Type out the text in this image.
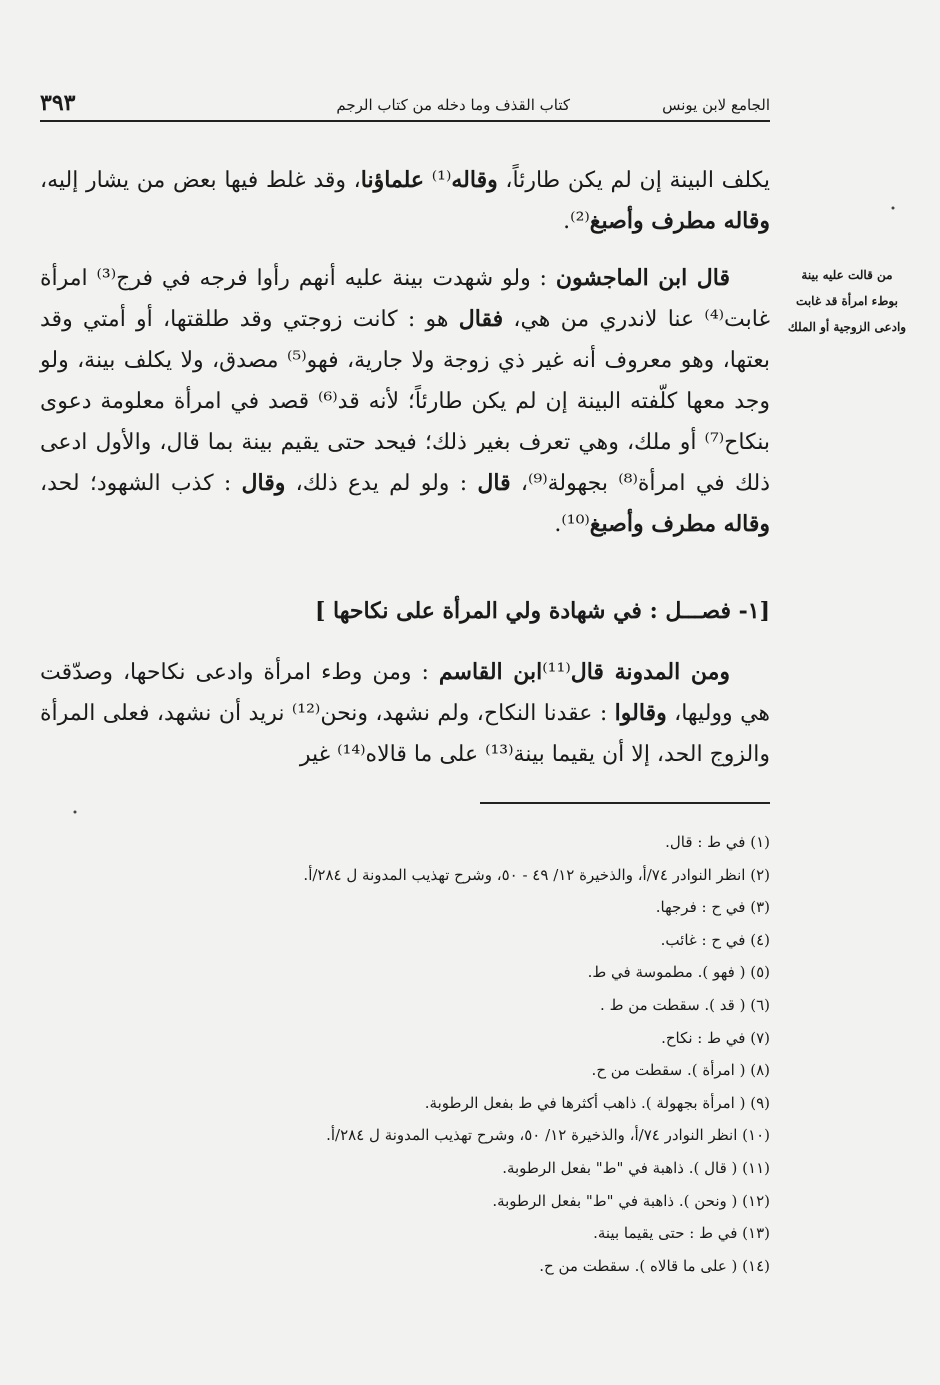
الجامع لابن يونس
كتاب القذف وما دخله من كتاب الرجم
٣٩٣
يكلف البينة إن لم يكن طارئاً، وقاله⁽¹⁾ علماؤنا، وقد غلط فيها بعض من يشار إليه، وقاله مطرف وأصبغ⁽²⁾.
من قالت عليه بينة
بوطء امرأة قد غابت
وادعى الزوجية أو الملك
قال ابن الماجشون : ولو شهدت بينة عليه أنهم رأوا فرجه في فرج⁽³⁾ امرأة غابت⁽⁴⁾ عنا لاندري من هي، فقال هو : كانت زوجتي وقد طلقتها، أو أمتي وقد بعتها، وهو معروف أنه غير ذي زوجة ولا جارية، فهو⁽⁵⁾ مصدق، ولا يكلف بينة، ولو وجد معها كلّفته البينة إن لم يكن طارئاً؛ لأنه قد⁽⁶⁾ قصد في امرأة معلومة دعوى بنكاح⁽⁷⁾ أو ملك، وهي تعرف بغير ذلك؛ فيحد حتى يقيم بينة بما قال، والأول ادعى ذلك في امرأة⁽⁸⁾ بجهولة⁽⁹⁾، قال : ولو لم يدع ذلك، وقال : كذب الشهود؛ لحد، وقاله مطرف وأصبغ⁽¹⁰⁾.
[١- فصـــل : في شهادة ولي المرأة على نكاحها ]
ومن المدونة قال⁽¹¹⁾ابن القاسم : ومن وطء امرأة وادعى نكاحها، وصدّقت هي ووليها، وقالوا : عقدنا النكاح، ولم نشهد، ونحن⁽¹²⁾ نريد أن نشهد، فعلى المرأة والزوج الحد، إلا أن يقيما بينة⁽¹³⁾ على ما قالاه⁽¹⁴⁾ غير
(١) في ط : قال.
(٢) انظر النوادر ٧٤/أ، والذخيرة ١٢/ ٤٩ - ٥٠، وشرح تهذيب المدونة ل ٢٨٤/أ.
(٣) في ح : فرجها.
(٤) في ح : غائب.
(٥) ( فهو ). مطموسة في ط.
(٦) ( قد ). سقطت من ط .
(٧) في ط : نكاح.
(٨) ( امرأة ). سقطت من ح.
(٩) ( امرأة بجهولة ). ذاهب أكثرها في ط بفعل الرطوبة.
(١٠) انظر النوادر ٧٤/أ، والذخيرة ١٢/ ٥٠، وشرح تهذيب المدونة ل ٢٨٤/أ.
(١١) ( قال ). ذاهبة في "ط" بفعل الرطوبة.
(١٢) ( ونحن ). ذاهبة في "ط" بفعل الرطوبة.
(١٣) في ط : حتى يقيما بينة.
(١٤) ( على ما قالاه ). سقطت من ح.
